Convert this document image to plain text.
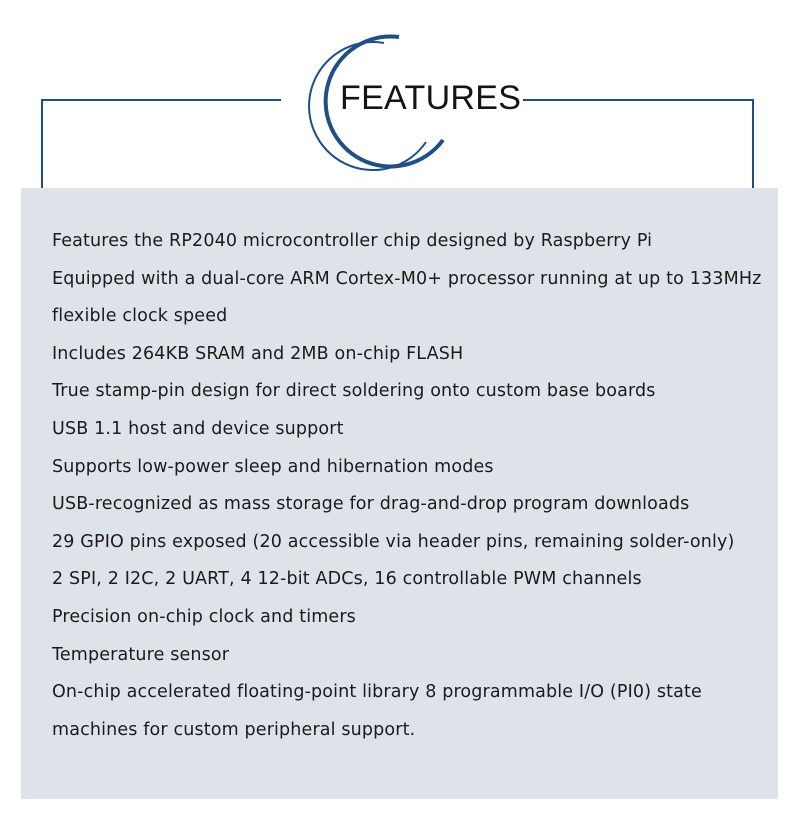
FEATURES
Features the RP2040 microcontroller chip designed by Raspberry Pi
Equipped with a dual-core ARM Cortex-M0+ processor running at up to 133MHz
flexible clock speed
Includes 264KB SRAM and 2MB on-chip FLASH
True stamp-pin design for direct soldering onto custom base boards
USB 1.1 host and device support
Supports low-power sleep and hibernation modes
USB-recognized as mass storage for drag-and-drop program downloads
29 GPIO pins exposed (20 accessible via header pins, remaining solder-only)
2 SPI, 2 I2C, 2 UART, 4 12-bit ADCs, 16 controllable PWM channels
Precision on-chip clock and timers
Temperature sensor
On-chip accelerated floating-point library 8 programmable I/O (PI0) state
machines for custom peripheral support.
